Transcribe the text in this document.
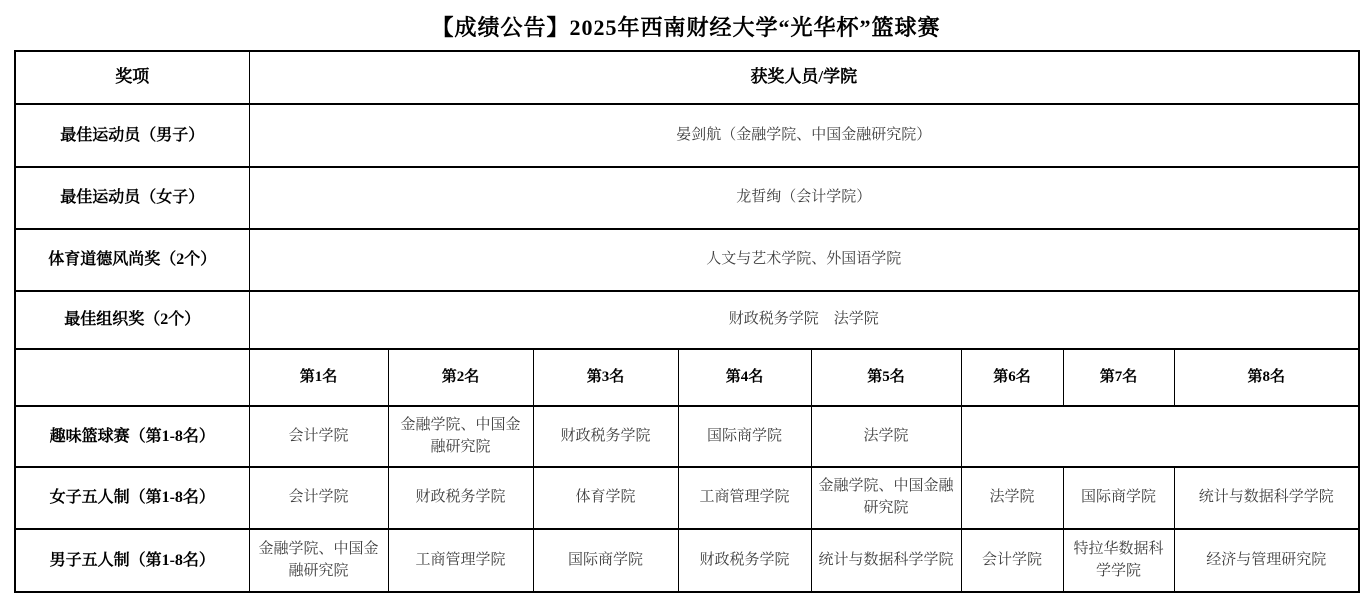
【成绩公告】2025年西南财经大学“光华杯”篮球赛
奖项	获奖人员/学院							
最佳运动员（男子）	晏剑航（金融学院、中国金融研究院）							
最佳运动员（女子）	龙晢绚（会计学院）							
体育道德风尚奖（2个）	人文与艺术学院、外国语学院							
最佳组织奖（2个）	财政税务学院　法学院							
	第1名	第2名	第3名	第4名	第5名	第6名	第7名	第8名
趣味篮球赛（第1-8名）	会计学院	金融学院、中国金融研究院	财政税务学院	国际商学院	法学院			
女子五人制（第1-8名）	会计学院	财政税务学院	体育学院	工商管理学院	金融学院、中国金融研究院	法学院	国际商学院	统计与数据科学学院
男子五人制（第1-8名）	金融学院、中国金融研究院	工商管理学院	国际商学院	财政税务学院	统计与数据科学学院	会计学院	特拉华数据科学学院	经济与管理研究院
